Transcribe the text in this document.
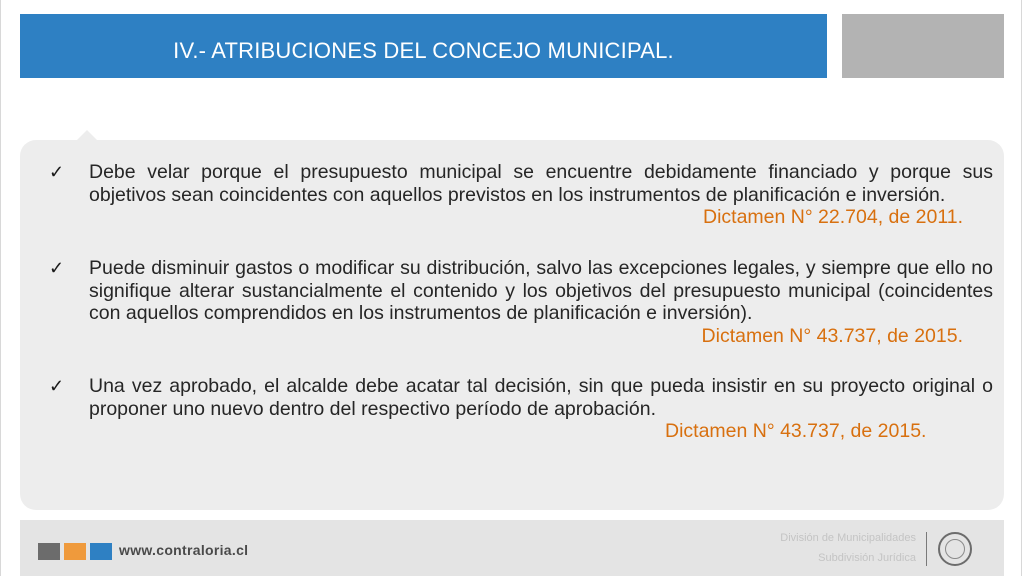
IV.- ATRIBUCIONES DEL CONCEJO MUNICIPAL.
✓ Debe velar porque el presupuesto municipal se encuentre debidamente financiado y porque sus objetivos sean coincidentes con aquellos previstos en los instrumentos de planificación e inversión.
Dictamen N° 22.704, de 2011.
✓ Puede disminuir gastos o modificar su distribución, salvo las excepciones legales, y siempre que ello no signifique alterar sustancialmente el contenido y los objetivos del presupuesto municipal (coincidentes con aquellos comprendidos en los instrumentos de planificación e inversión).
Dictamen N° 43.737, de 2015.
✓ Una vez aprobado, el alcalde debe acatar tal decisión, sin que pueda insistir en su proyecto original o proponer uno nuevo dentro del respectivo período de aprobación.
Dictamen N° 43.737, de 2015.
www.contraloria.cl
División de Municipalidades
Subdivisión Jurídica
